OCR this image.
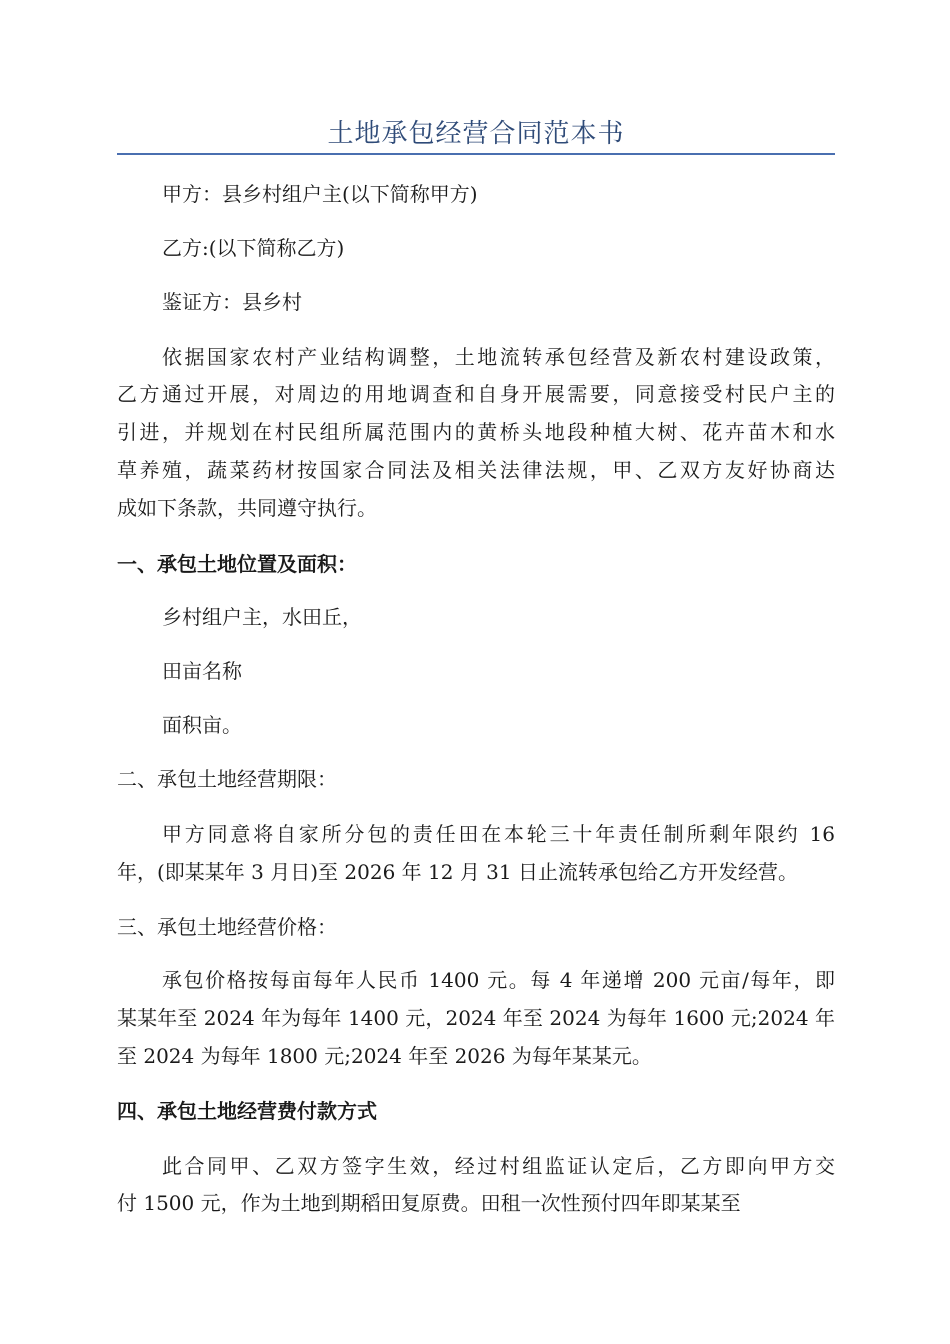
土地承包经营合同范本书
甲方：县乡村组户主(以下简称甲方)
乙方:(以下简称乙方)
鉴证方：县乡村
依据国家农村产业结构调整，土地流转承包经营及新农村建设政策，
乙方通过开展，对周边的用地调查和自身开展需要，同意接受村民户主的
引进，并规划在村民组所属范围内的黄桥头地段种植大树、花卉苗木和水
草养殖，蔬菜药材按国家合同法及相关法律法规，甲、乙双方友好协商达
成如下条款，共同遵守执行。
一、承包土地位置及面积：
乡村组户主，水田丘，
田亩名称
面积亩。
二、承包土地经营期限：
甲方同意将自家所分包的责任田在本轮三十年责任制所剩年限约 16
年，(即某某年 3 月日)至 2026 年 12 月 31 日止流转承包给乙方开发经营。
三、承包土地经营价格：
承包价格按每亩每年人民币 1400 元。每 4 年递增 200 元亩/每年，即
某某年至 2024 年为每年 1400 元，2024 年至 2024 为每年 1600 元;2024 年
至 2024 为每年 1800 元;2024 年至 2026 为每年某某元。
四、承包土地经营费付款方式
此合同甲、乙双方签字生效，经过村组监证认定后，乙方即向甲方交
付 1500 元，作为土地到期稻田复原费。田租一次性预付四年即某某至
